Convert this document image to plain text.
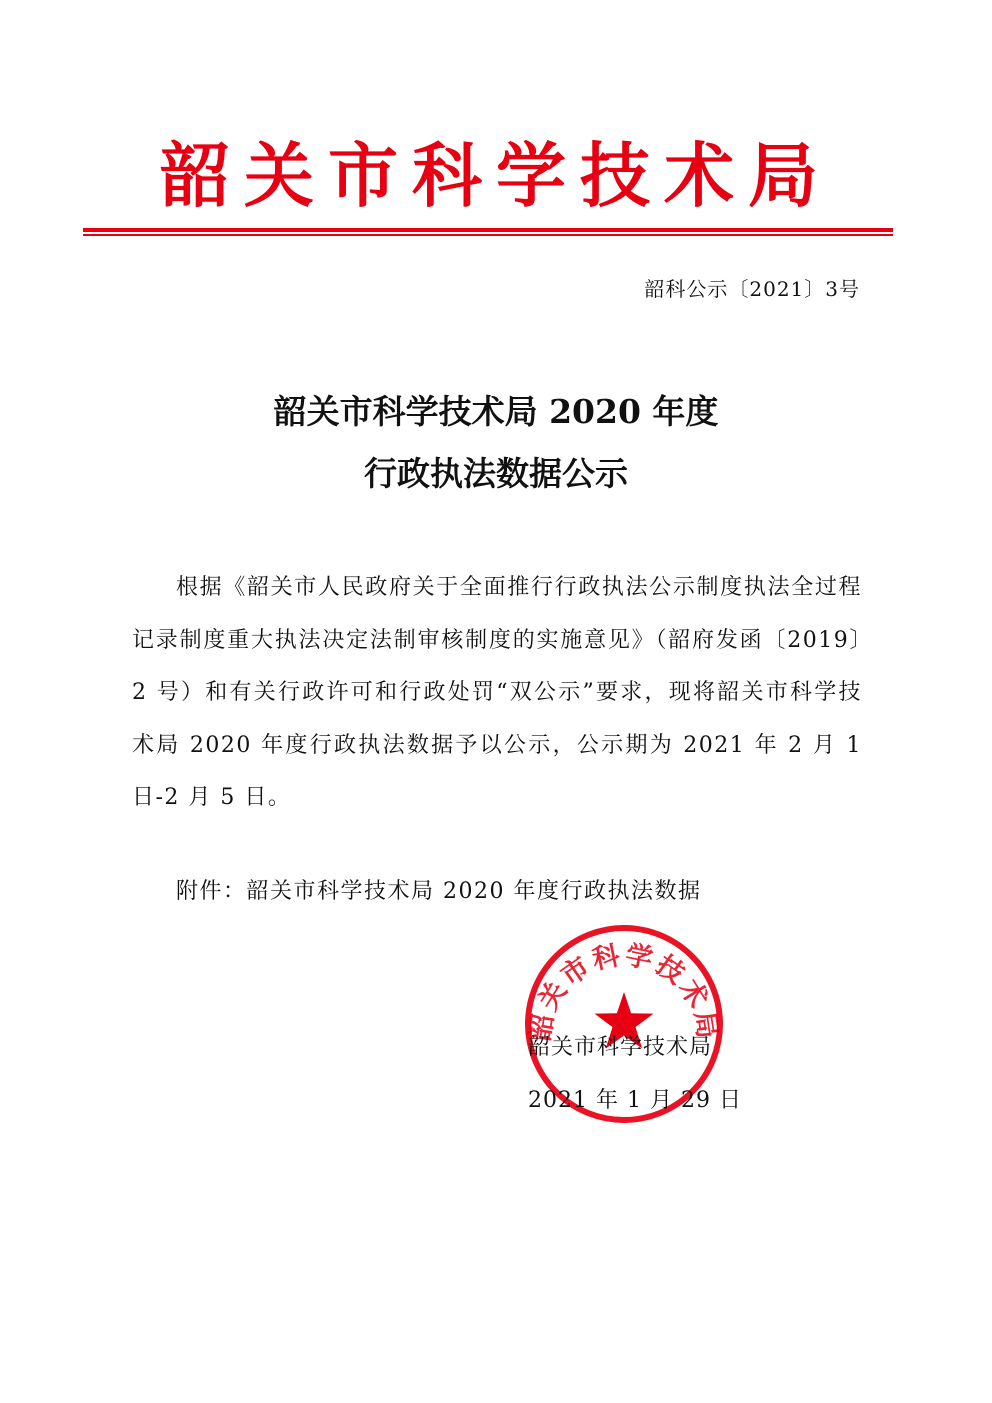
韶关市科学技术局
韶科公示〔2021〕3号
韶关市科学技术局 2020 年度
行政执法数据公示
根据《韶关市人民政府关于全面推行行政执法公示制度执法全过程记录制度重大执法决定法制审核制度的实施意见》（韶府发函〔2019〕2 号）和有关行政许可和行政处罚“双公示”要求，现将韶关市科学技术局 2020 年度行政执法数据予以公示，公示期为 2021 年 2 月 1 日-2 月 5 日。
附件：韶关市科学技术局 2020 年度行政执法数据
韶关市科学技术局
韶关市科学技术局
2021 年 1 月 29 日
